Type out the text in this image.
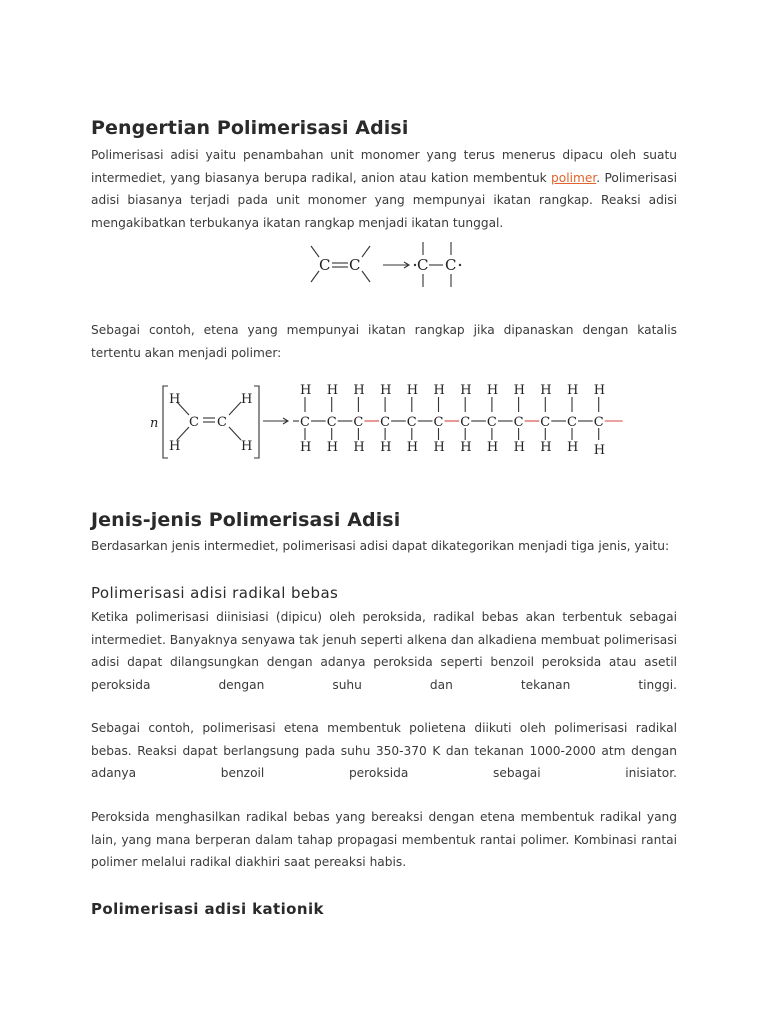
Pengertian Polimerisasi Adisi

Polimerisasi adisi yaitu penambahan unit monomer yang terus menerus dipacu oleh suatu intermediet, yang biasanya berupa radikal, anion atau kation membentuk polimer. Polimerisasi adisi biasanya terjadi pada unit monomer yang mempunyai ikatan rangkap. Reaksi adisi mengakibatkan terbukanya ikatan rangkap menjadi ikatan tunggal.

C C	C C

Sebagai contoh, etena yang mempunyai ikatan rangkap jika dipanaskan dengan katalis tertentu akan menjadi polimer:

n
H	H
H	H
C C	C
H
H
C
H
H
C
H
H
C
H
H
C
H
H
C
H
H
C
H
H
C
H
H
C
H
H
C
H
H
C
H
H
C
H
H
Jenis-jenis Polimerisasi Adisi

Berdasarkan jenis intermediet, polimerisasi adisi dapat dikategorikan menjadi tiga jenis, yaitu:

Polimerisasi adisi radikal bebas

Ketika polimerisasi diinisiasi (dipicu) oleh peroksida, radikal bebas akan terbentuk sebagai intermediet. Banyaknya senyawa tak jenuh seperti alkena dan alkadiena membuat polimerisasi adisi dapat dilangsungkan dengan adanya peroksida seperti benzoil peroksida atau asetil peroksida dengan suhu dan tekanan tinggi.

Sebagai contoh, polimerisasi etena membentuk polietena diikuti oleh polimerisasi radikal bebas. Reaksi dapat berlangsung pada suhu 350-370 K dan tekanan 1000-2000 atm dengan adanya benzoil peroksida sebagai inisiator.

Peroksida menghasilkan radikal bebas yang bereaksi dengan etena membentuk radikal yang lain, yang mana berperan dalam tahap propagasi membentuk rantai polimer. Kombinasi rantai polimer melalui radikal diakhiri saat pereaksi habis.

Polimerisasi adisi kationik
